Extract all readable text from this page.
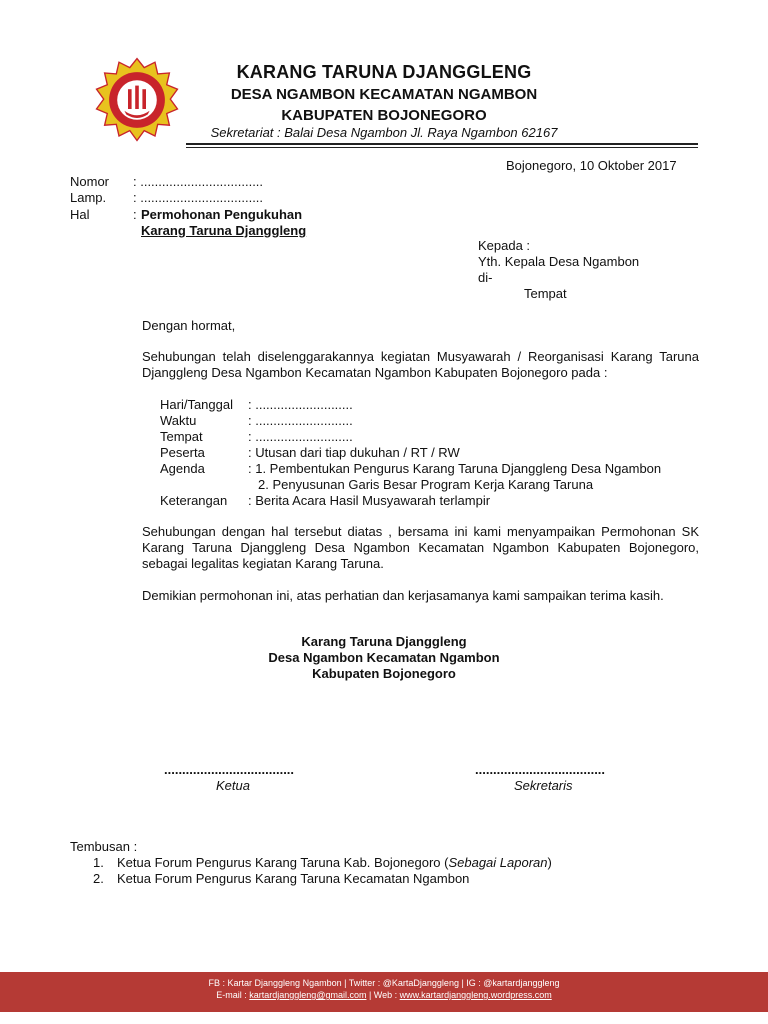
KARANG TARUNA DJANGGLENG
DESA NGAMBON KECAMATAN NGAMBON
KABUPATEN BOJONEGORO
Sekretariat : Balai Desa Ngambon Jl. Raya Ngambon 62167
Bojonegoro, 10 Oktober 2017
Nomor : ..................................
Lamp. : ..................................
Hal	: Permohonan Pengukuhan
Karang Taruna Djanggleng
Kepada :
Yth. Kepala Desa Ngambon
di-
Tempat
Dengan hormat,
Sehubungan telah diselenggarakannya kegiatan Musyawarah / Reorganisasi Karang Taruna Djanggleng Desa Ngambon Kecamatan Ngambon Kabupaten Bojonegoro pada :
Hari/Tanggal : ...........................
Waktu	: ...........................
Tempat	: ...........................
Peserta	: Utusan dari tiap dukuhan / RT / RW
Agenda	: 1. Pembentukan Pengurus Karang Taruna Djanggleng Desa Ngambon
2. Penyusunan Garis Besar Program Kerja Karang Taruna
Keterangan : Berita Acara Hasil Musyawarah terlampir
Sehubungan dengan hal tersebut diatas , bersama ini kami menyampaikan Permohonan SK Karang Taruna Djanggleng Desa Ngambon Kecamatan Ngambon Kabupaten Bojonegoro, sebagai legalitas kegiatan Karang Taruna.
Demikian permohonan ini, atas perhatian dan kerjasamanya kami sampaikan terima kasih.
Karang Taruna Djanggleng
Desa Ngambon Kecamatan Ngambon
Kabupaten Bojonegoro
....................................
Ketua
....................................
Sekretaris
Tembusan :
1. Ketua Forum Pengurus Karang Taruna Kab. Bojonegoro (Sebagai Laporan)
2. Ketua Forum Pengurus Karang Taruna Kecamatan Ngambon
FB : Kartar Djanggleng Ngambon | Twitter : @KartaDjanggleng | IG : @kartardjanggleng
E-mail : kartardjanggleng@gmail.com | Web : www.kartardjanggleng.wordpress.com
